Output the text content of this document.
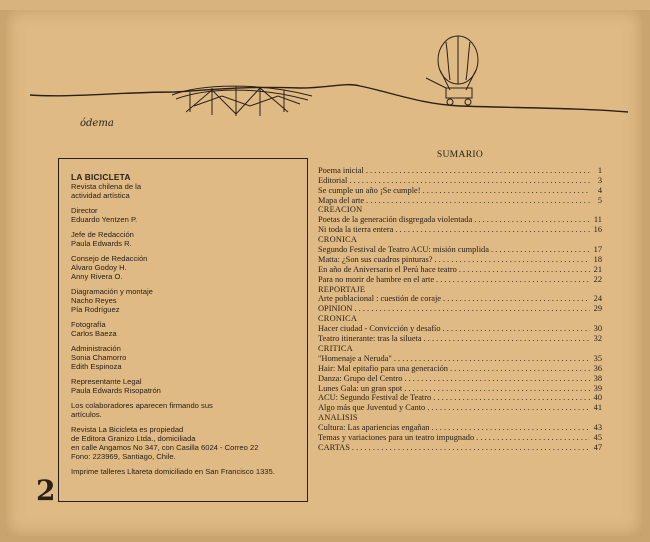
ódema
LA BICICLETA
Revista chilena de la
actividad artística
Director
Eduardo Yentzen P.
Jefe de Redacción
Paula Edwards R.
Consejo de Redacción
Alvaro Godoy H.
Anny Rivera O.
Diagramación y montaje
Nacho Reyes
Pía Rodríguez
Fotografía
Carlos Baeza
Administración
Sonia Chamorro
Edith Espinoza
Representante Legal
Paula Edwards Risopatrón
Los colaboradores aparecen firmando sus
artículos.
Revista La Bicicleta es propiedad
de Editora Granizo Ltda., domiciliada
en calle Angamos No 347, con Casilla 6024 - Correo 22
Fono: 223969, Santiago, Chile.
Imprime talleres Lltareta domiciliado en San Francisco 1335.
2
SUMARIO
Poema inicial . . .	1
Editorial . . .	3
Se cumple un año ¡Se cumple! . . .	4
Mapa del arte . . .	5
CREACION
Poetas de la generación disgregada violentada . . .	11
Ni toda la tierra entera . . .	16
CRONICA
Segundo Festival de Teatro ACU: misión cumplida . . .	17
Matta: ¿Son sus cuadros pinturas? . . .	18
En año de Aniversario el Perú hace teatro . . .	21
Para no morir de hambre en el arte . . .	22
REPORTAJE
Arte poblacional : cuestión de coraje . . .	24
OPINION . . .	29
CRONICA
Hacer ciudad - Convicción y desafío . . .	30
Teatro itinerante: tras la silueta . . .	32
CRITICA
"Homenaje a Neruda" . . .	35
Hair: Mal epitafio para una generación . . .	36
Danza: Grupo del Centro . . .	38
Lunes Gala: un gran spot . . .	39
ACU: Segundo Festival de Teatro . . .	40
Algo más que Juventud y Canto . . .	41
ANALISIS
Cultura: Las apariencias engañan . . .	43
Temas y variaciones para un teatro impugnado . . .	45
CARTAS . . .	47
